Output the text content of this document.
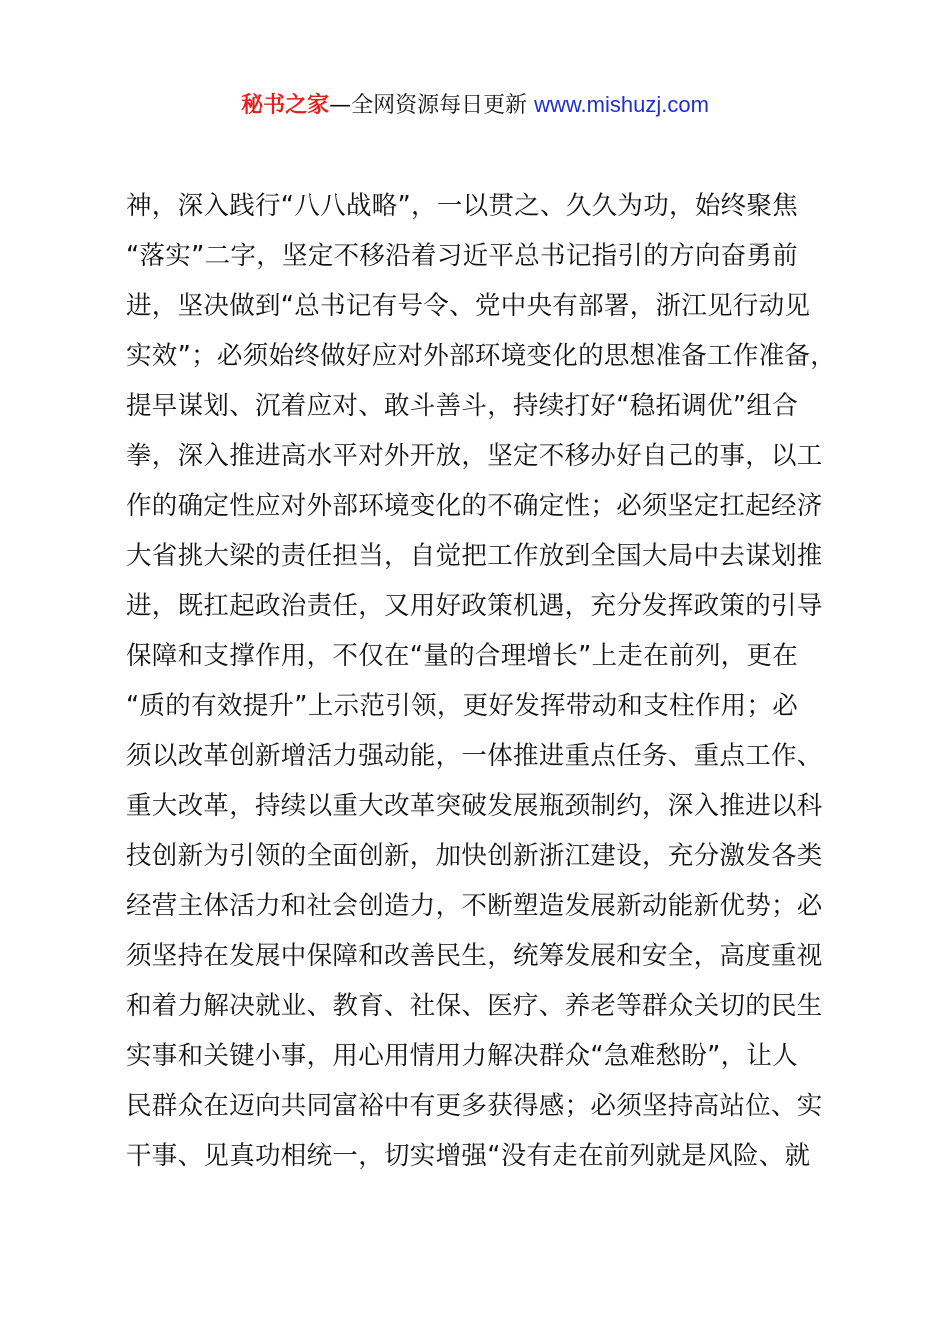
秘书之家—全网资源每日更新 www.mishuzj.com
神，深入践行“八八战略”，一以贯之、久久为功，始终聚焦
“落实”二字，坚定不移沿着习近平总书记指引的方向奋勇前
进，坚决做到“总书记有号令、党中央有部署，浙江见行动见
实效”；必须始终做好应对外部环境变化的思想准备工作准备，
提早谋划、沉着应对、敢斗善斗，持续打好“稳拓调优”组合
拳，深入推进高水平对外开放，坚定不移办好自己的事，以工
作的确定性应对外部环境变化的不确定性；必须坚定扛起经济
大省挑大梁的责任担当，自觉把工作放到全国大局中去谋划推
进，既扛起政治责任，又用好政策机遇，充分发挥政策的引导
保障和支撑作用，不仅在“量的合理增长”上走在前列，更在
“质的有效提升”上示范引领，更好发挥带动和支柱作用；必
须以改革创新增活力强动能，一体推进重点任务、重点工作、
重大改革，持续以重大改革突破发展瓶颈制约，深入推进以科
技创新为引领的全面创新，加快创新浙江建设，充分激发各类
经营主体活力和社会创造力，不断塑造发展新动能新优势；必
须坚持在发展中保障和改善民生，统筹发展和安全，高度重视
和着力解决就业、教育、社保、医疗、养老等群众关切的民生
实事和关键小事，用心用情用力解决群众“急难愁盼”，让人
民群众在迈向共同富裕中有更多获得感；必须坚持高站位、实
干事、见真功相统一，切实增强“没有走在前列就是风险、就
